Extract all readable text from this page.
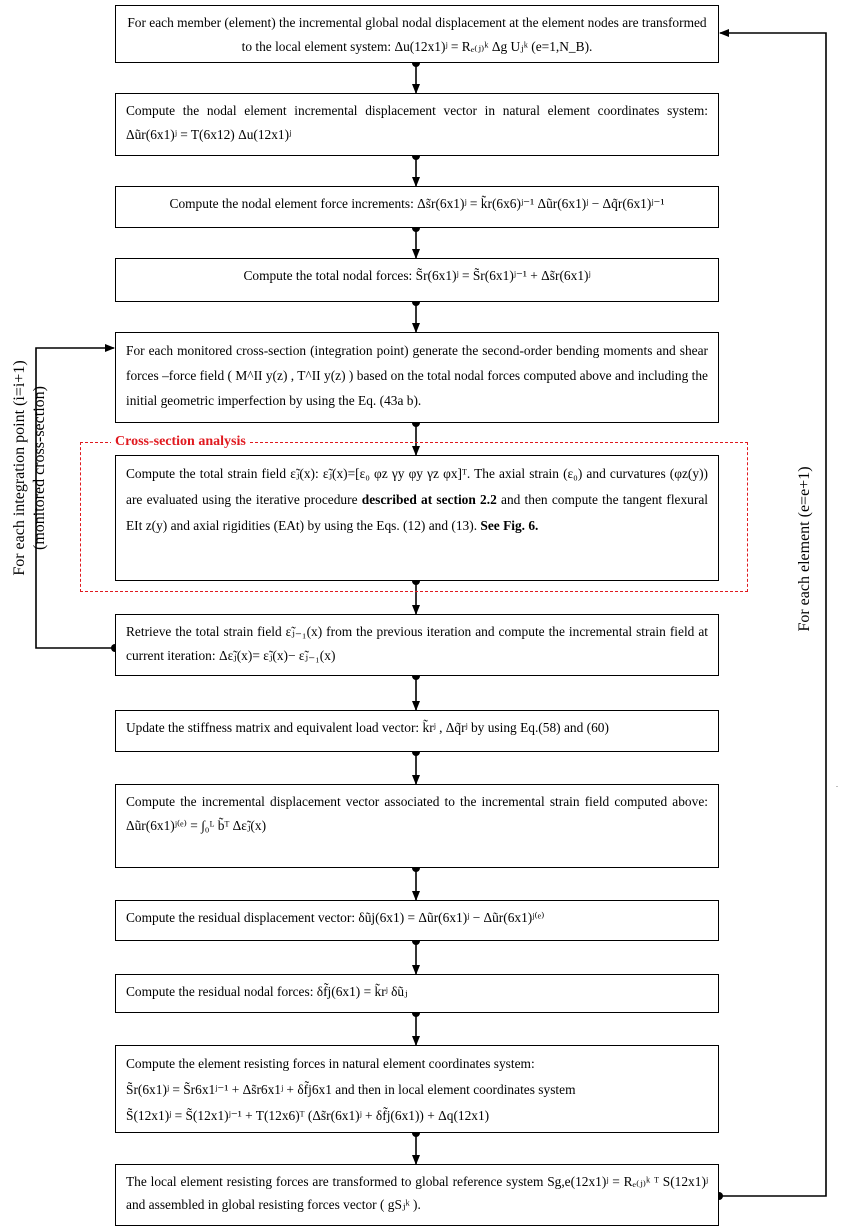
Cross-section analysis
For each member (element) the incremental global nodal displacement at the element nodes are transformed to the local element system: Δu(12x1)ʲ = Rₑ₍ⱼ₎ᵏ Δg Uⱼᵏ (e=1,N_B).
Compute the nodal element incremental displacement vector in natural element coordinates system: Δũr(6x1)ʲ = T(6x12) Δu(12x1)ʲ
Compute the nodal element force increments: Δs̃r(6x1)ʲ = k̃r(6x6)ʲ⁻¹ Δũr(6x1)ʲ − Δq̃r(6x1)ʲ⁻¹
Compute the total nodal forces: S̃r(6x1)ʲ = S̃r(6x1)ʲ⁻¹ + Δs̃r(6x1)ʲ
For each monitored cross-section (integration point) generate the second-order bending moments and shear forces –force field ( M^II y(z) , T^II y(z) ) based on the total nodal forces computed above and including the initial geometric imperfection by using the Eq. (43a b).
Compute the total strain field ε̃ⱼ(x): ε̃ⱼ(x)=[ε₀ φz γy φy γz φx]ᵀ. The axial strain (ε₀) and curvatures (φz(y)) are evaluated using the iterative procedure described at section 2.2 and then compute the tangent flexural EIt z(y) and axial rigidities (EAt) by using the Eqs. (12) and (13). See Fig. 6.
Retrieve the total strain field ε̃ⱼ₋₁(x) from the previous iteration and compute the incremental strain field at current iteration: Δε̃ⱼ(x)= ε̃ⱼ(x)− ε̃ⱼ₋₁(x)
Update the stiffness matrix and equivalent load vector: k̃rʲ , Δq̃rʲ by using Eq.(58) and (60)
Compute the incremental displacement vector associated to the incremental strain field computed above: Δũr(6x1)ʲ⁽ᵉ⁾ = ∫₀ᴸ b̃ᵀ Δε̃ⱼ(x)
Compute the residual displacement vector: δũj(6x1) = Δũr(6x1)ʲ − Δũr(6x1)ʲ⁽ᵉ⁾
Compute the residual nodal forces: δf̃j(6x1) = k̃rʲ δũⱼ
Compute the element resisting forces in natural element coordinates system:
S̃r(6x1)ʲ = S̃r6x1ʲ⁻¹ + Δs̃r6x1ʲ + δf̃j6x1 and then in local element coordinates system
S̃(12x1)ʲ = S̃(12x1)ʲ⁻¹ + T(12x6)ᵀ (Δs̃r(6x1)ʲ + δf̃j(6x1)) + Δq(12x1)
The local element resisting forces are transformed to global reference system Sg,e(12x1)ʲ = Rₑ₍ⱼ₎ᵏ ᵀ S(12x1)ʲ and assembled in global resisting forces vector ( gSⱼᵏ ).
For each integration point (i=i+1) (monitored cross-section)	For each element (e=e+1)
.
